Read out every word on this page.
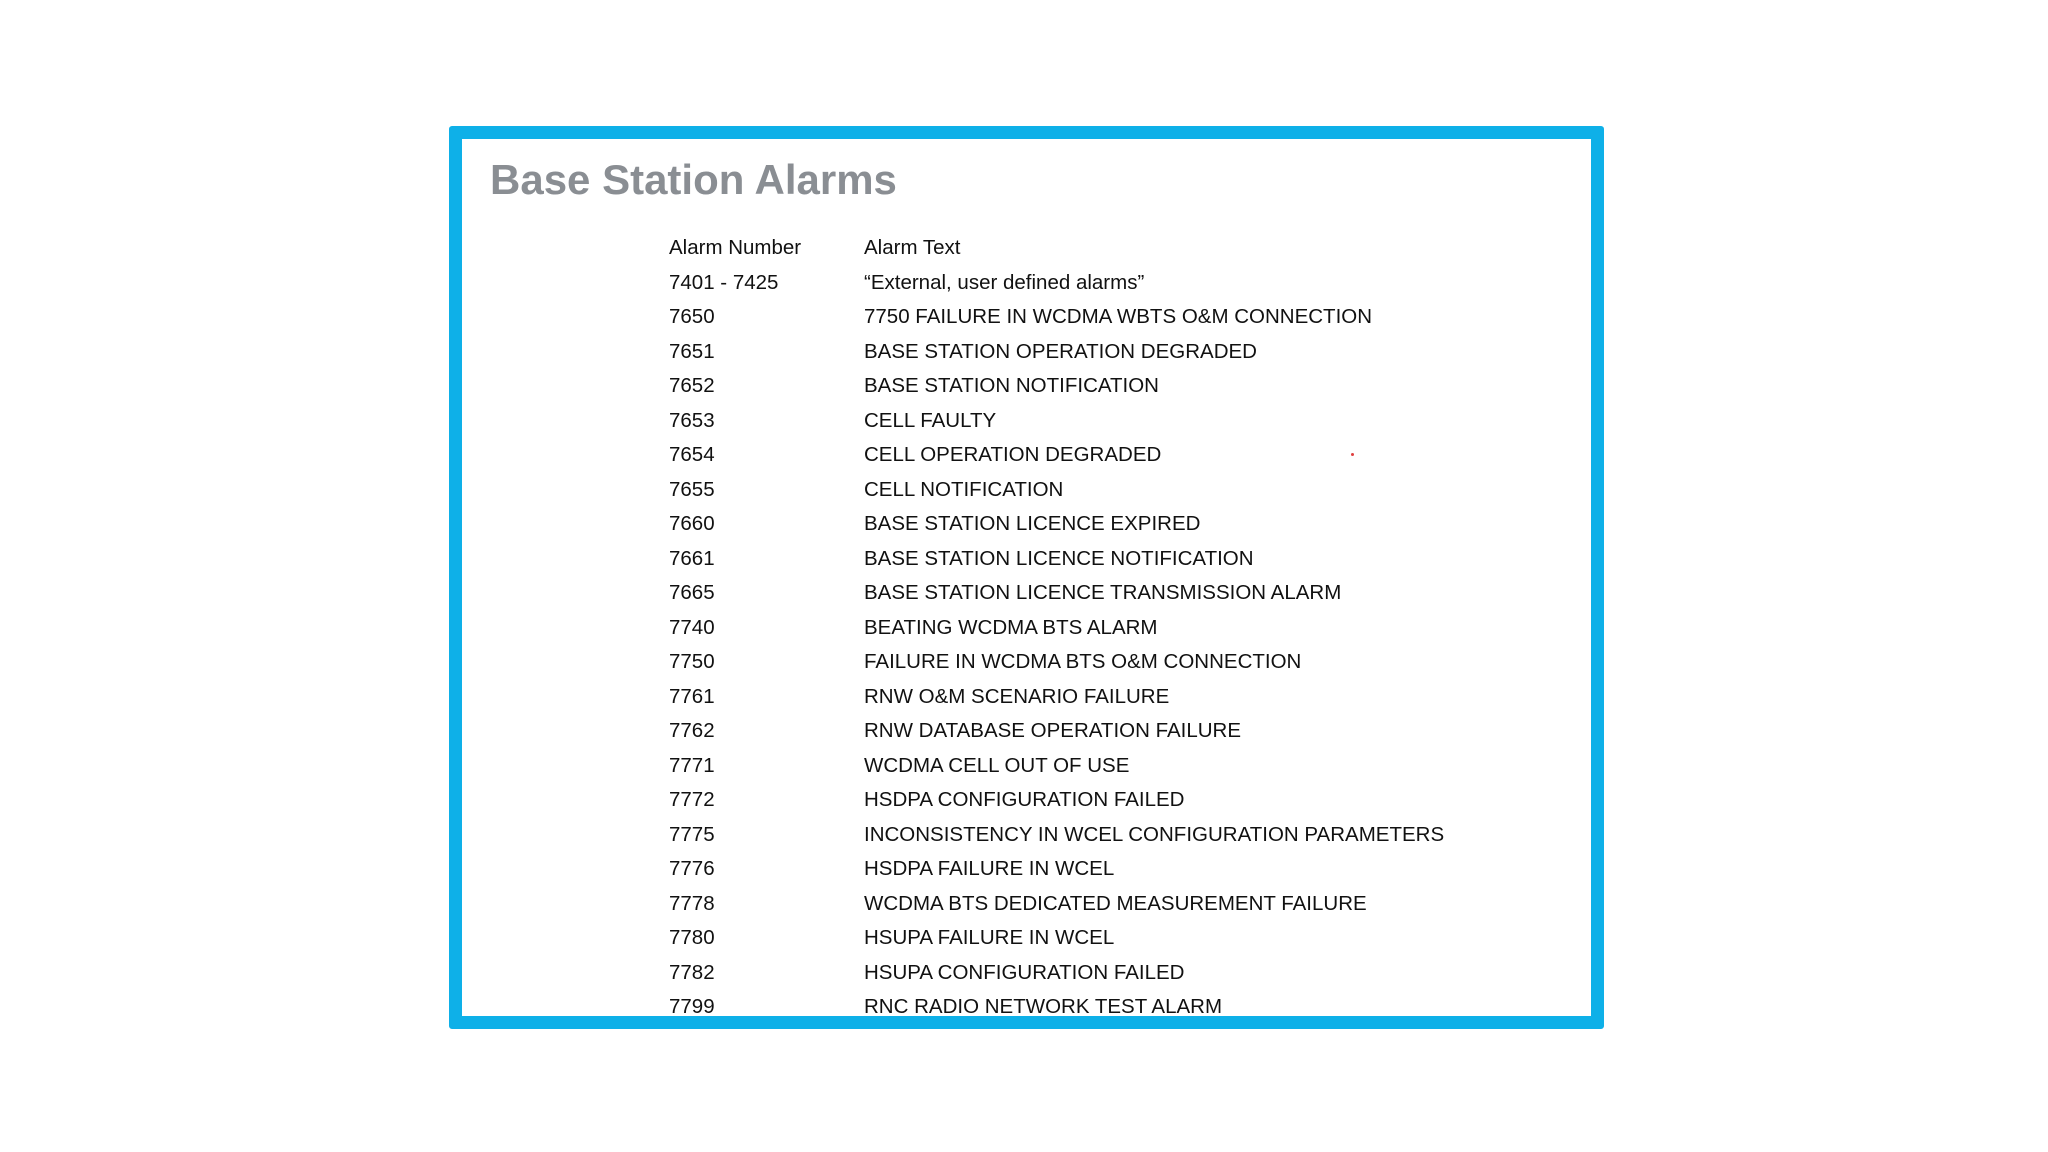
Base Station Alarms
Alarm Number	Alarm Text
7401 - 7425	“External, user defined alarms”
7650	7750 FAILURE IN WCDMA WBTS O&M CONNECTION
7651	BASE STATION OPERATION DEGRADED
7652	BASE STATION NOTIFICATION
7653	CELL FAULTY
7654	CELL OPERATION DEGRADED
7655	CELL NOTIFICATION
7660	BASE STATION LICENCE EXPIRED
7661	BASE STATION LICENCE NOTIFICATION
7665	BASE STATION LICENCE TRANSMISSION ALARM
7740	BEATING WCDMA BTS ALARM
7750	FAILURE IN WCDMA BTS O&M CONNECTION
7761	RNW O&M SCENARIO FAILURE
7762	RNW DATABASE OPERATION FAILURE
7771	WCDMA CELL OUT OF USE
7772	HSDPA CONFIGURATION FAILED
7775	INCONSISTENCY IN WCEL CONFIGURATION PARAMETERS
7776	HSDPA FAILURE IN WCEL
7778	WCDMA BTS DEDICATED MEASUREMENT FAILURE
7780	HSUPA FAILURE IN WCEL
7782	HSUPA CONFIGURATION FAILED
7799	RNC RADIO NETWORK TEST ALARM
